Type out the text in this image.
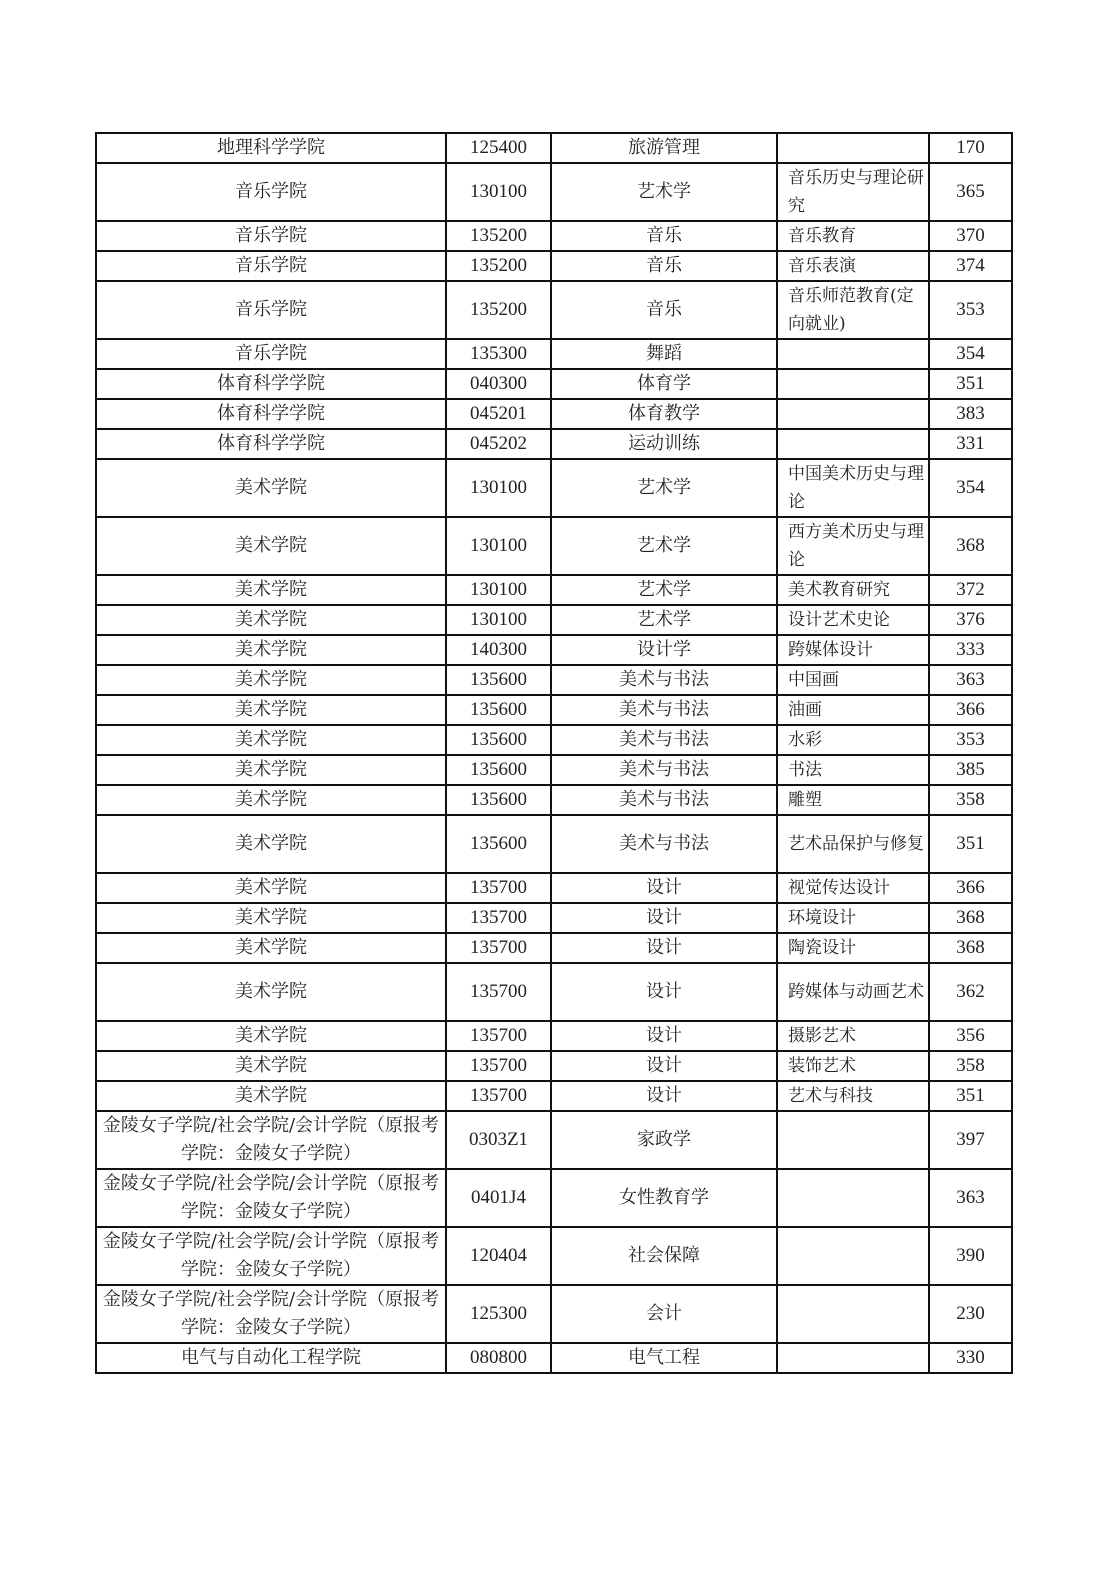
地理科学学院	125400	旅游管理		170
音乐学院	130100	艺术学	音乐历史与理论研究	365
音乐学院	135200	音乐	音乐教育	370
音乐学院	135200	音乐	音乐表演	374
音乐学院	135200	音乐	音乐师范教育(定向就业)	353
音乐学院	135300	舞蹈		354
体育科学学院	040300	体育学		351
体育科学学院	045201	体育教学		383
体育科学学院	045202	运动训练		331
美术学院	130100	艺术学	中国美术历史与理论	354
美术学院	130100	艺术学	西方美术历史与理论	368
美术学院	130100	艺术学	美术教育研究	372
美术学院	130100	艺术学	设计艺术史论	376
美术学院	140300	设计学	跨媒体设计	333
美术学院	135600	美术与书法	中国画	363
美术学院	135600	美术与书法	油画	366
美术学院	135600	美术与书法	水彩	353
美术学院	135600	美术与书法	书法	385
美术学院	135600	美术与书法	雕塑	358
美术学院	135600	美术与书法	艺术品保护与修复	351
美术学院	135700	设计	视觉传达设计	366
美术学院	135700	设计	环境设计	368
美术学院	135700	设计	陶瓷设计	368
美术学院	135700	设计	跨媒体与动画艺术	362
美术学院	135700	设计	摄影艺术	356
美术学院	135700	设计	装饰艺术	358
美术学院	135700	设计	艺术与科技	351
金陵女子学院/社会学院/会计学院（原报考学院：金陵女子学院）	0303Z1	家政学		397
金陵女子学院/社会学院/会计学院（原报考学院：金陵女子学院）	0401J4	女性教育学		363
金陵女子学院/社会学院/会计学院（原报考学院：金陵女子学院）	120404	社会保障		390
金陵女子学院/社会学院/会计学院（原报考学院：金陵女子学院）	125300	会计		230
电气与自动化工程学院	080800	电气工程		330
